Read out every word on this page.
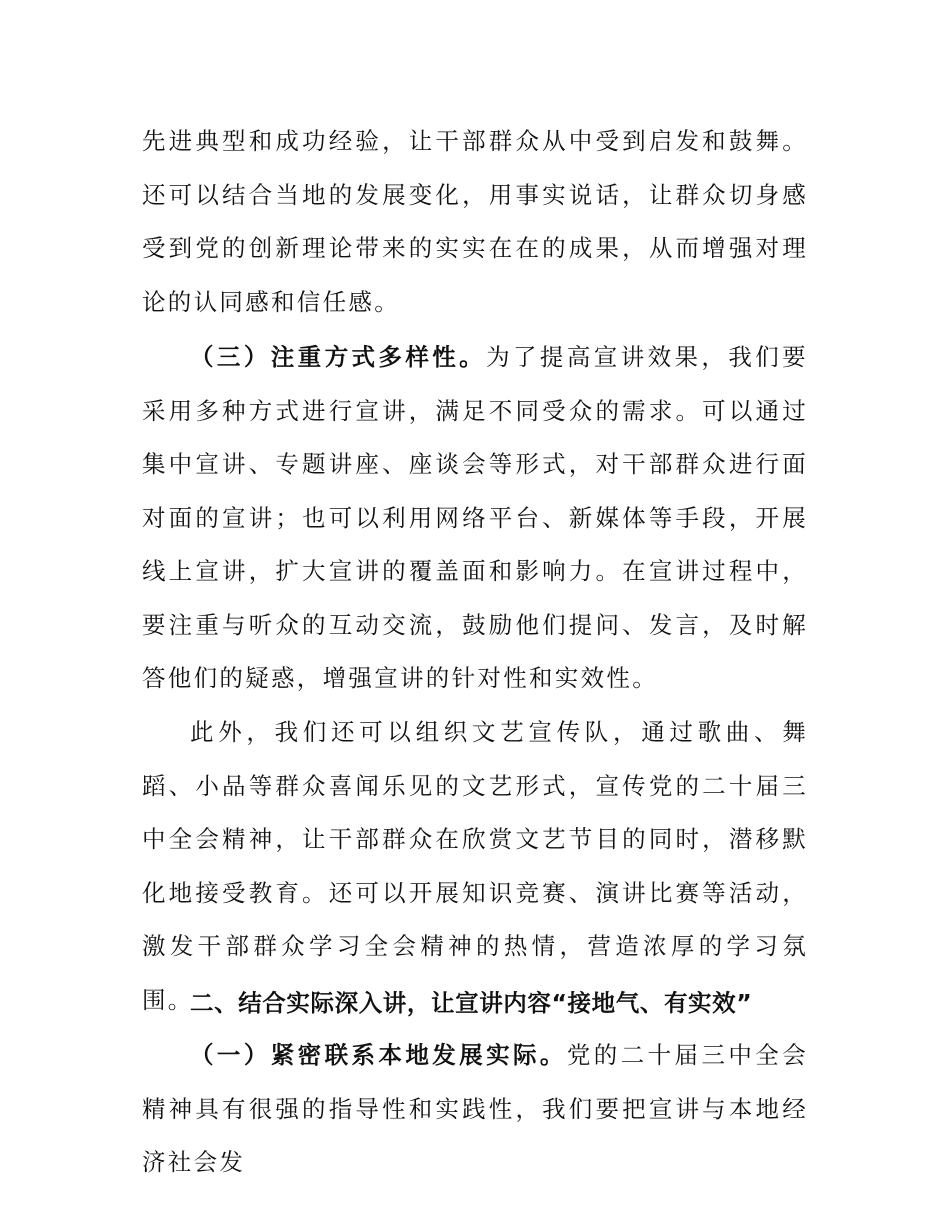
先进典型和成功经验，让干部群众从中受到启发和鼓舞。还可以结合当地的发展变化，用事实说话，让群众切身感受到党的创新理论带来的实实在在的成果，从而增强对理论的认同感和信任感。

（三）注重方式多样性。为了提高宣讲效果，我们要采用多种方式进行宣讲，满足不同受众的需求。可以通过集中宣讲、专题讲座、座谈会等形式，对干部群众进行面对面的宣讲；也可以利用网络平台、新媒体等手段，开展线上宣讲，扩大宣讲的覆盖面和影响力。在宣讲过程中，要注重与听众的互动交流，鼓励他们提问、发言，及时解答他们的疑惑，增强宣讲的针对性和实效性。

此外，我们还可以组织文艺宣传队，通过歌曲、舞蹈、小品等群众喜闻乐见的文艺形式，宣传党的二十届三中全会精神，让干部群众在欣赏文艺节目的同时，潜移默化地接受教育。还可以开展知识竞赛、演讲比赛等活动，激发干部群众学习全会精神的热情，营造浓厚的学习氛围。

二、结合实际深入讲，让宣讲内容“接地气、有实效”

（一）紧密联系本地发展实际。党的二十届三中全会精神具有很强的指导性和实践性，我们要把宣讲与本地经济社会发
